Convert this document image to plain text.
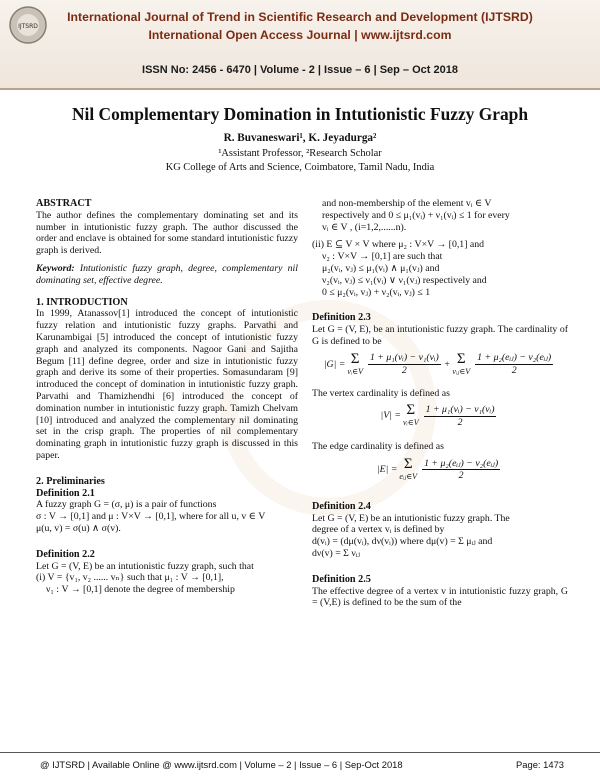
IJTSRD
International Journal of Trend in Scientific Research and Development (IJTSRD)
International Open Access Journal | www.ijtsrd.com
ISSN No: 2456 - 6470 | Volume - 2 | Issue – 6 | Sep – Oct 2018
Nil Complementary Domination in Intutionistic Fuzzy Graph
R. Buvaneswari¹, K. Jeyadurga²
¹Assistant Professor, ²Research Scholar
KG College of Arts and Science, Coimbatore, Tamil Nadu, India

ABSTRACT

The author defines the complementary dominating set and its number in intutionistic fuzzy graph. The author discussed the order and enclave is obtained for some standard intutionistic fuzzy graph is derived.

Keyword: Intutionistic fuzzy graph, degree, complementary nil dominating set, effective degree.

1. INTRODUCTION

In 1999, Atanassov[1] introduced the concept of intutionistic fuzzy relation and intutionistic fuzzy graphs. Parvathi and Karunambigai [5] introduced the concept of intutionistic fuzzy graph and analyzed its components. Nagoor Gani and Sajitha Begum [11] define degree, order and size in intutionistic fuzzy graph and derive its some of their properties. Somasundaram [9] introduced the concept of domination in intutionistic fuzzy graph. Parvathi and Thamizhendhi [6] introduced the concept of domination number in intutionistic fuzzy graph. Tamizh Chelvam [10] introduced and analyzed the complementary nil dominating set in the crisp graph. The properties of nil complementary dominating graph in intutionistic fuzzy graph is discussed in this paper.

2. Preliminaries

Definition 2.1

A fuzzy graph G = (σ, μ) is a pair of functions

σ : V → [0,1] and μ : V×V → [0,1], where for all u, v ∈ V

μ(u, v) = σ(u) ∧ σ(v).

Definition 2.2

Let G = (V, E) be an intutionistic fuzzy graph, such that

(i) V = {v₁, v₂ ...... vₙ} such that μ₁ : V → [0,1],

ν₁ : V → [0,1] denote the degree of membership

and non-membership of the element vᵢ ∈ V

respectively and 0 ≤ μ₁(vᵢ) + ν₁(vᵢ) ≤ 1 for every

vᵢ ∈ V , (i=1,2,......n).

(ii) E ⊆ V × V where μ₂ : V×V → [0,1] and

ν₂ : V×V → [0,1] are such that

μ₂(vᵢ, vⱼ) ≤ μ₁(vᵢ) ∧ μ₁(vⱼ) and

ν₂(vᵢ, vⱼ) ≤ ν₁(vᵢ) ∨ ν₁(vⱼ) respectively and

0 ≤ μ₂(vᵢ, vⱼ) + ν₂(vᵢ, vⱼ) ≤ 1

Definition 2.3

Let G = (V, E), be an intutionistic fuzzy graph. The cardinality of G is defined to be

|G| = Σ
vᵢ∈V $\frac{\text{1 + μ₁(vᵢ) − ν₁(vᵢ)}}{2} + \Sigma$
vᵢⱼ∈V $\frac{\text{1 + μ₂(eᵢⱼ) − ν₂(eᵢⱼ)}}{2}$

The vertex cardinality is defined as

|V| = Σ
vᵢ∈V $\frac{\text{1 + μ₁(vᵢ) − ν₁(vᵢ)}}{2}$

The edge cardinality is defined as

|E| = Σ
eᵢⱼ∈V $\frac{\text{1 + μ₂(eᵢⱼ) − ν₂(eᵢⱼ)}}{2}$

Definition 2.4

Let G = (V, E) be an intutionistic fuzzy graph. The

degree of a vertex vᵢ is defined by

d(vᵢ) = (dμ(vᵢ), dν(vᵢ)) where dμ(v) = Σ μᵢⱼ and

dν(v) = Σ νᵢⱼ

Definition 2.5

The effective degree of a vertex v in intutionistic fuzzy graph, G = (V,E) is defined to be the sum of the

@ IJTSRD | Available Online @ www.ijtsrd.com | Volume – 2 | Issue – 6 | Sep-Oct 2018	Page: 1473
